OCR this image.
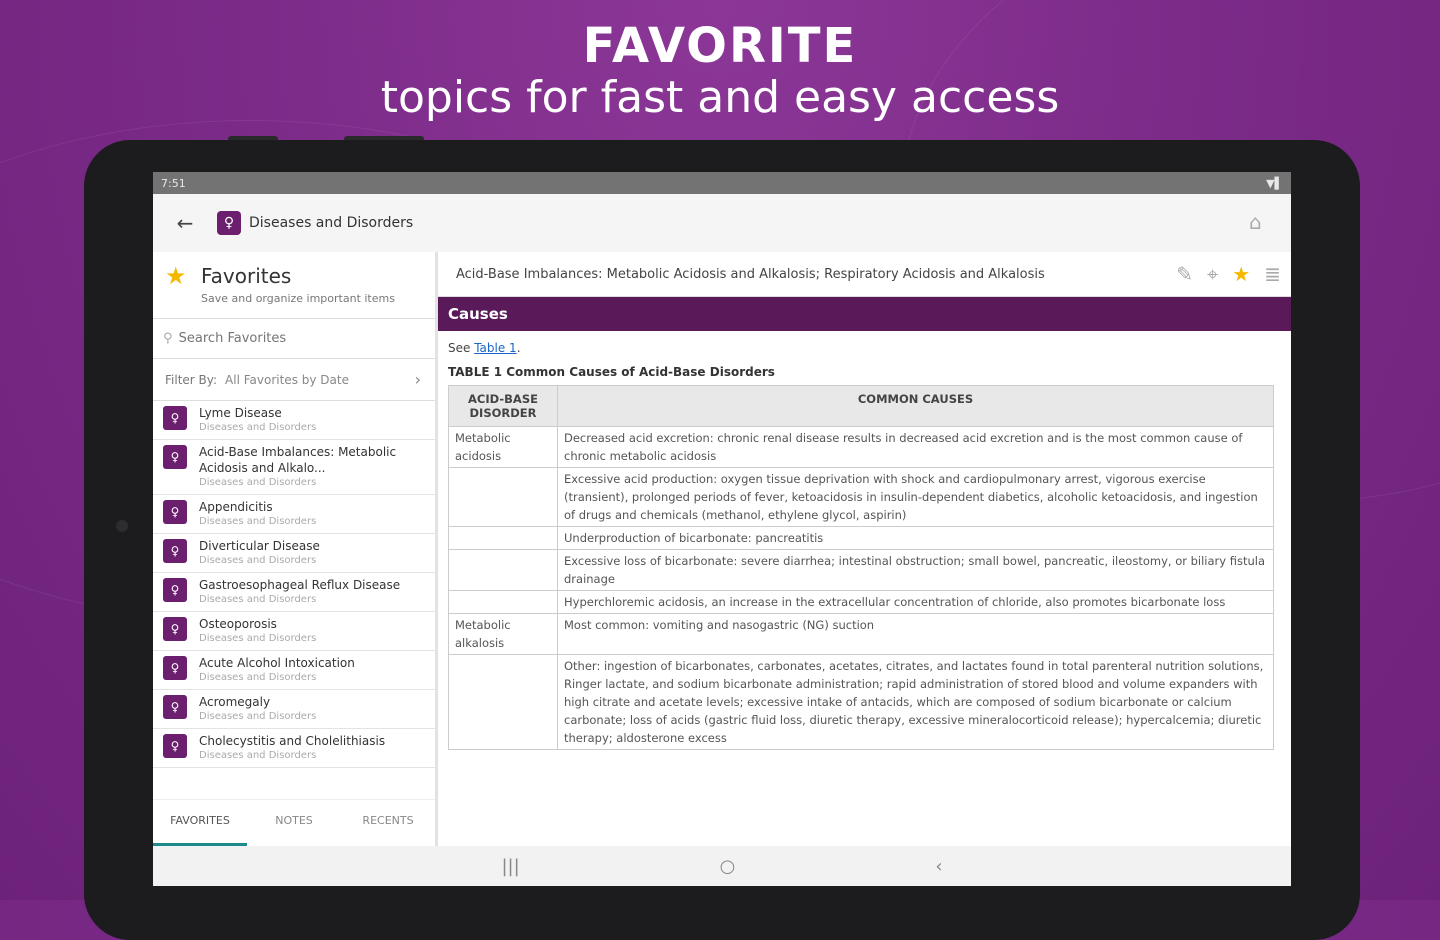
FAVORITE
topics for fast and easy access
7:51	▼▌
←	♀	Diseases and Disorders	⌂
★ Favorites
Save and organize important items
⚲
Search Favorites
Filter By: All Favorites by Date	›
♀	Lyme Disease
Diseases and Disorders
♀	Acid-Base Imbalances: Metabolic Acidosis and Alkalo...
Diseases and Disorders
♀	Appendicitis
Diseases and Disorders
♀	Diverticular Disease
Diseases and Disorders
♀	Gastroesophageal Reflux Disease
Diseases and Disorders
♀	Osteoporosis
Diseases and Disorders
♀	Acute Alcohol Intoxication
Diseases and Disorders
♀	Acromegaly
Diseases and Disorders
♀	Cholecystitis and Cholelithiasis
Diseases and Disorders
FAVORITES	NOTES	RECENTS
Acid-Base Imbalances: Metabolic Acidosis and Alkalosis; Respiratory Acidosis and Alkalosis	✎ ⌖ ★ ≣
Causes
See Table 1.
TABLE 1 Common Causes of Acid-Base Disorders
ACID-BASE DISORDER	COMMON CAUSES
Metabolic acidosis	Decreased acid excretion: chronic renal disease results in decreased acid excretion and is the most common cause of chronic metabolic acidosis
	Excessive acid production: oxygen tissue deprivation with shock and cardiopulmonary arrest, vigorous exercise (transient), prolonged periods of fever, ketoacidosis in insulin-dependent diabetics, alcoholic ketoacidosis, and ingestion of drugs and chemicals (methanol, ethylene glycol, aspirin)
	Underproduction of bicarbonate: pancreatitis
	Excessive loss of bicarbonate: severe diarrhea; intestinal obstruction; small bowel, pancreatic, ileostomy, or biliary fistula drainage
	Hyperchloremic acidosis, an increase in the extracellular concentration of chloride, also promotes bicarbonate loss
Metabolic alkalosis	Most common: vomiting and nasogastric (NG) suction
	Other: ingestion of bicarbonates, carbonates, acetates, citrates, and lactates found in total parenteral nutrition solutions, Ringer lactate, and sodium bicarbonate administration; rapid administration of stored blood and volume expanders with high citrate and acetate levels; excessive intake of antacids, which are composed of sodium bicarbonate or calcium carbonate; loss of acids (gastric fluid loss, diuretic therapy, excessive mineralocorticoid release); hypercalcemia; diuretic therapy; aldosterone excess
|||	○	‹
